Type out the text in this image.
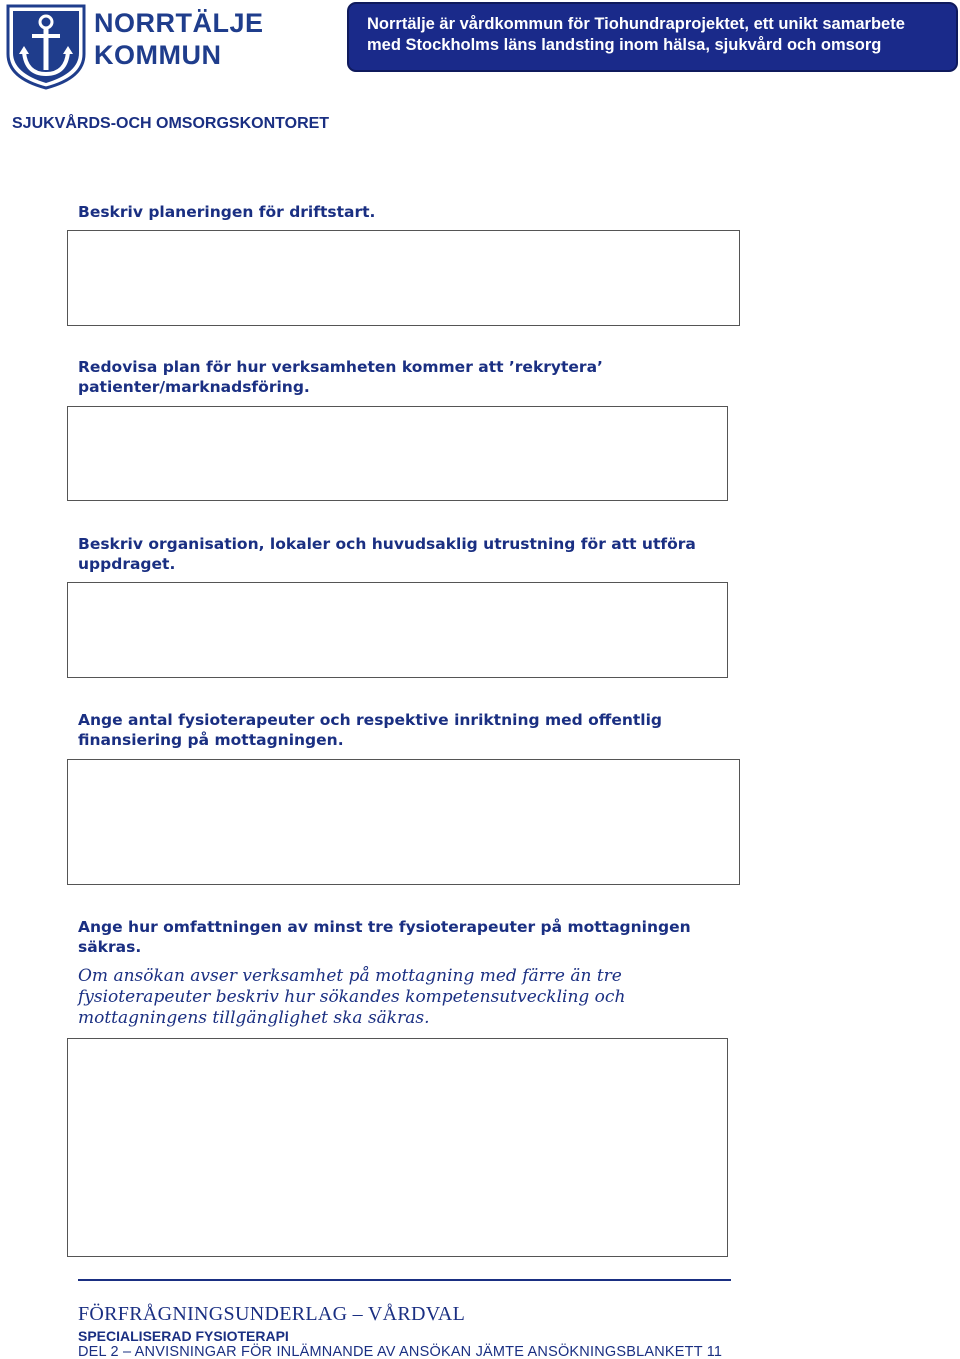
NORRTÄLJE
KOMMUN
Norrtälje är vårdkommun för Tiohundraprojektet, ett unikt samarbete
med Stockholms läns landsting inom hälsa, sjukvård och omsorg
SJUKVÅRDS-OCH OMSORGSKONTORET
Beskriv planeringen för driftstart.
Redovisa plan för hur verksamheten kommer att ’rekrytera’ patienter/marknadsföring.
Beskriv organisation, lokaler och huvudsaklig utrustning för att utföra uppdraget.
Ange antal fysioterapeuter och respektive inriktning med offentlig finansiering på mottagningen.
Ange hur omfattningen av minst tre fysioterapeuter på mottagningen säkras.
Om ansökan avser verksamhet på mottagning med färre än tre fysioterapeuter beskriv hur sökandes kompetensutveckling och mottagningens tillgänglighet ska säkras.
FÖRFRÅGNINGSUNDERLAG – VÅRDVAL
SPECIALISERAD FYSIOTERAPI
DEL 2 – ANVISNINGAR FÖR INLÄMNANDE AV ANSÖKAN JÄMTE ANSÖKNINGSBLANKETT 11
